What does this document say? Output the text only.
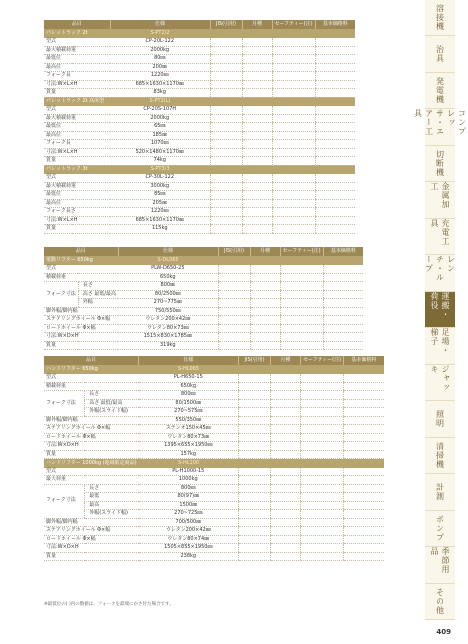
品目	仕様	JIS(引用)	月種	セーフティー(注)	基本価格料
パレットラック 2t	S-PT2/2				
型式	CP-20L-122				
最大積載荷重	2000kg				
最低位	80㎜				
最高位	200㎜				
フォーク長	1220㎜				
寸法:W×L×H	685×1630×1170㎜				
質量	83kg				
パレットラック 2t 高床型	S-PT2(L)				
型式	CP-20S-107H				
最大積載荷重	2000kg				
最低位	65㎜				
最高位	185㎜				
フォーク長	1070㎜				
寸法:W×L×H	520×1480×1170㎜				
質量	74kg				
パレットラック 3t	S-PT3/3				
型式	CP-30L-122				
最大積載荷重	3000kg				
最低位	85㎜				
最高位	205㎜				
フォーク長さ	1220㎜				
寸法:W×L×H	685×1630×1170㎜				
質量	115kg				
品目		仕様	JIS(引用)	月種	セーフティー(注)	基本価格料
電動リフター 650kg		S-DL065				
型式		PLW-D650-25				
積載荷重		650kg				
フォーク寸法	長さ	800㎜				
	高さ 最低/最高	80/2500㎜				
	外幅	270~775㎜				
脚外幅/脚内幅		750/550㎜				
ステアリングホイール Φ×幅		ウレタン200×42㎜				
ロードホイール Φ×幅		ウレタン80×73㎜				
寸法:W×D×H		1515×830×1785㎜				
質量		319kg				
品目		仕様	JIS(引用)	月種	セーフティー(注)	基本価格料
ハンドリフター 650kg		S-HL065				
型式		PL-H650-15				
積載荷重		650kg				
フォーク寸法	長さ	800㎜				
	高さ 最低/最高	80/1500㎜				
	外幅(スライド幅)	270~575㎜				
脚外幅/脚内幅		550/350㎜				
ステアリングホイール Φ×幅		ステンオ150×45㎜				
ロードホイール Φ×幅		ウレタン80×73㎜				
寸法:W×D×H		1395×655×1950㎜				
質量		157kg				
ハンドリフター 1000kg (地域限定商品)		S-HL100				
型式		PL-H1000-15				
最大荷重		1000kg				
フォーク寸法	長さ	800㎜				
	最低	80(97)㎜				
	最高	1500㎜				
	外幅(スライド幅)	270~725㎜				
脚外幅/脚内幅		700/500㎜				
ステアリングホイール Φ×幅		ウレタン200×42㎜				
ロードホイール Φ×幅		ウレタン80×74㎜				
寸法:W×D×H		1505×855×1950㎜				
質量		238kg				
※最低位の( )内の数値は、フォークを最端にかさ付た場合です。
溶接機
治具
発電機
コンプレッサ・エアー工具
切断機
金属加工
充電工具
レンチ・ループ
運搬・荷役
足場・梯子
ジャッキ
照明
清掃機
計測
ポンプ
季節用品
その他
409
